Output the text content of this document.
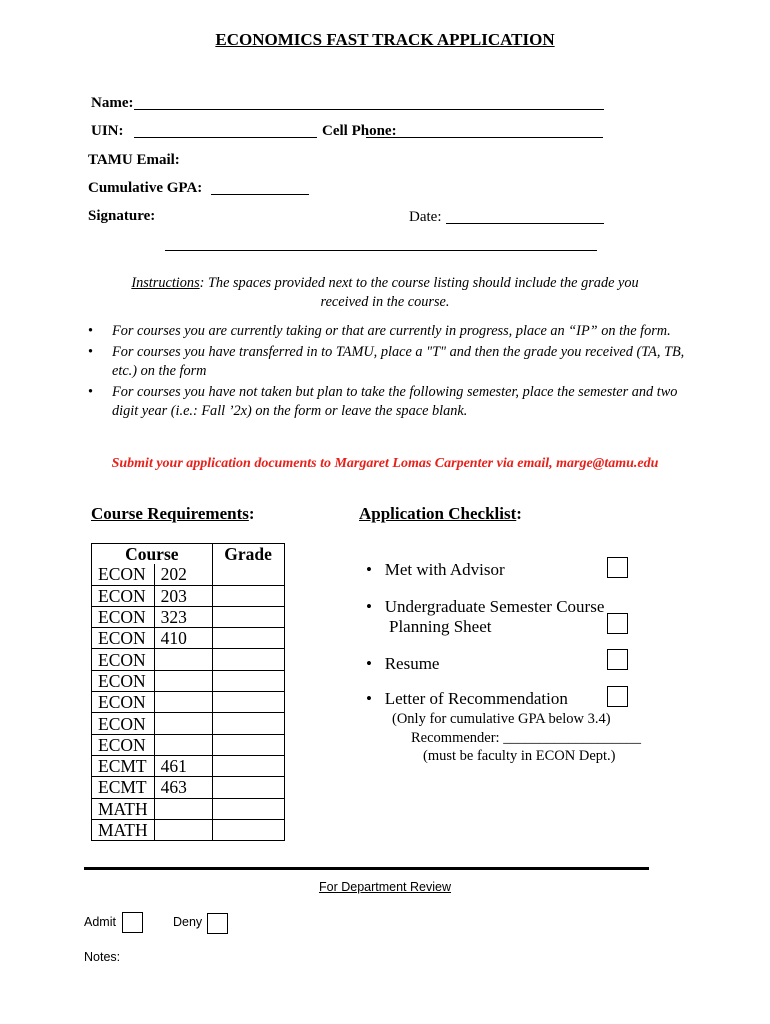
ECONOMICS FAST TRACK APPLICATION
Name:
UIN:	Cell Phone:
TAMU Email:
Cumulative GPA:
Signature:	Date:
Instructions: The spaces provided next to the course listing should include the grade you
received in the course.
• For courses you are currently taking or that are currently in progress, place an “IP” on the form.
• For courses you have transferred in to TAMU, place a "T" and then the grade you received (TA, TB, etc.) on the form
• For courses you have not taken but plan to take the following semester, place the semester and two digit year (i.e.: Fall ’2x) on the form or leave the space blank.
Submit your application documents to Margaret Lomas Carpenter via email, marge@tamu.edu
Course Requirements:	Application Checklist:
Course		Grade
ECON	202	
ECON	203	
ECON	323	
ECON	410	
ECON		
ECON		
ECON		
ECON		
ECON		
ECMT	461	
ECMT	463	
MATH		
MATH		
•   Met with Advisor
•   Undergraduate Semester Course
Planning Sheet
•   Resume
•   Letter of Recommendation
(Only for cumulative GPA below 3.4)
Recommender: ___________________
(must be faculty in ECON Dept.)
For Department Review
Admit	Deny
Notes:
